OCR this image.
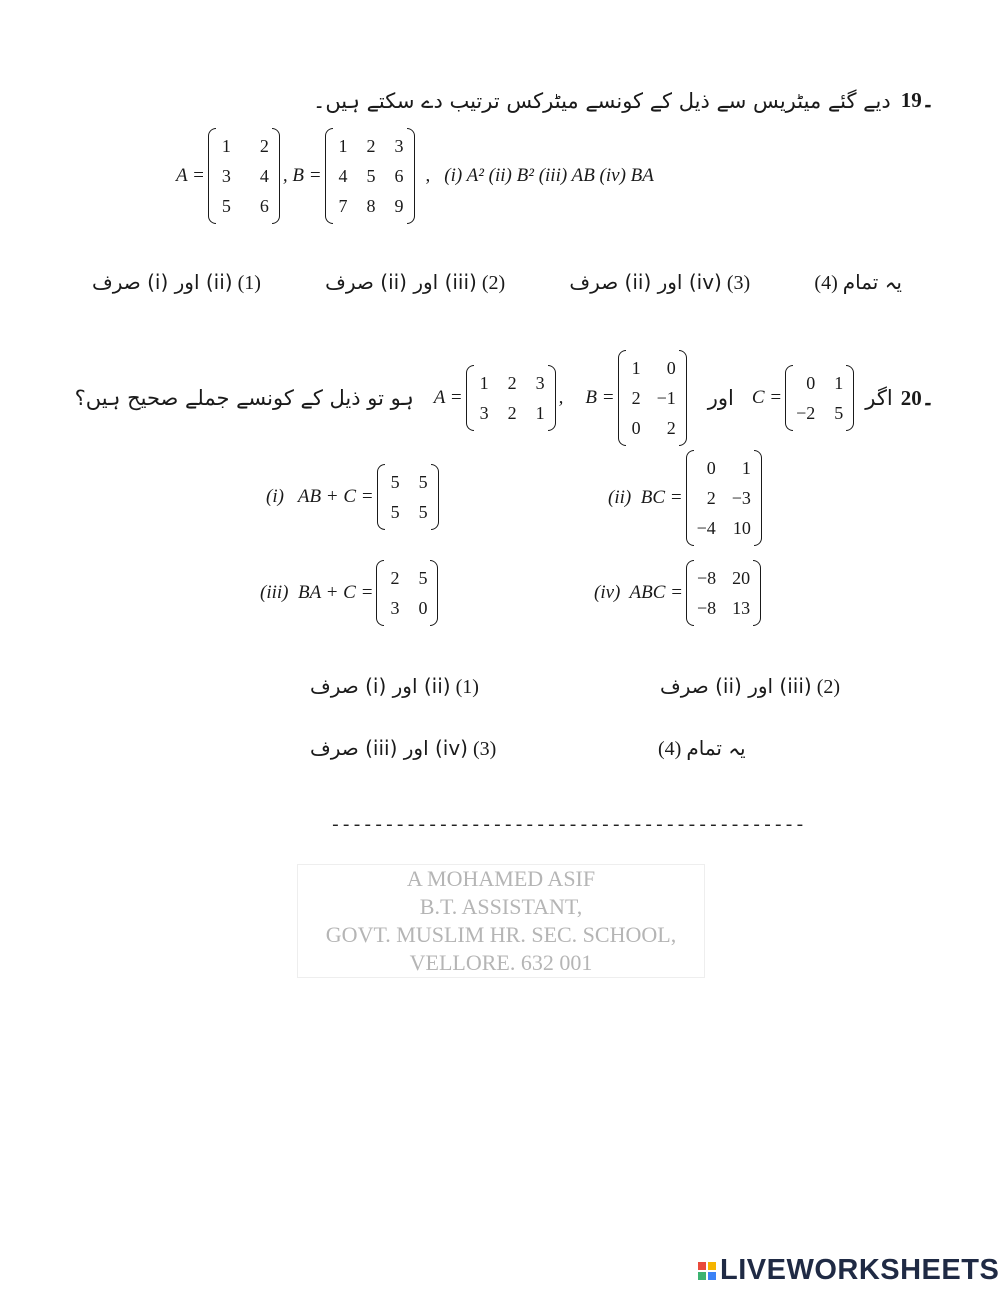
دیے گئے میٹریس سے ذیل کے کونسے میٹرکس ترتیب دے سکتے ہیں۔ 19۔
A =
1 2
3 4
5 6
, B =
1 2 3
4 5 6
7 8 9
, (i) A² (ii) B² (iii) AB (iv) BA
یہ تمام (4)
صرف (ii) اور (iv) (3)
صرف (ii) اور (iii) (2)
صرف (i) اور (ii) (1)
20۔
اگر
C =
0 1
−2 5
اور
B =
1	0
2 −1
0	2
A =
1 2 3
3 2 1
,
ہو تو ذیل کے کونسے جملے صحیح ہیں؟
(i)   AB + C =
5 5
5 5
(ii)  BC =
0	1
2 −3
−4 10
(iii)  BA + C =
2 5
3 0
(iv)  ABC =
−8 20
−8 13
صرف (i) اور (ii) (1)	صرف (ii) اور (iii) (2)
صرف (iii) اور (iv) (3)	یہ تمام (4)
--------------------------------------------
A MOHAMED ASIF
B.T. ASSISTANT,
GOVT. MUSLIM HR. SEC. SCHOOL,
VELLORE. 632 001
LIVEWORKSHEETS
